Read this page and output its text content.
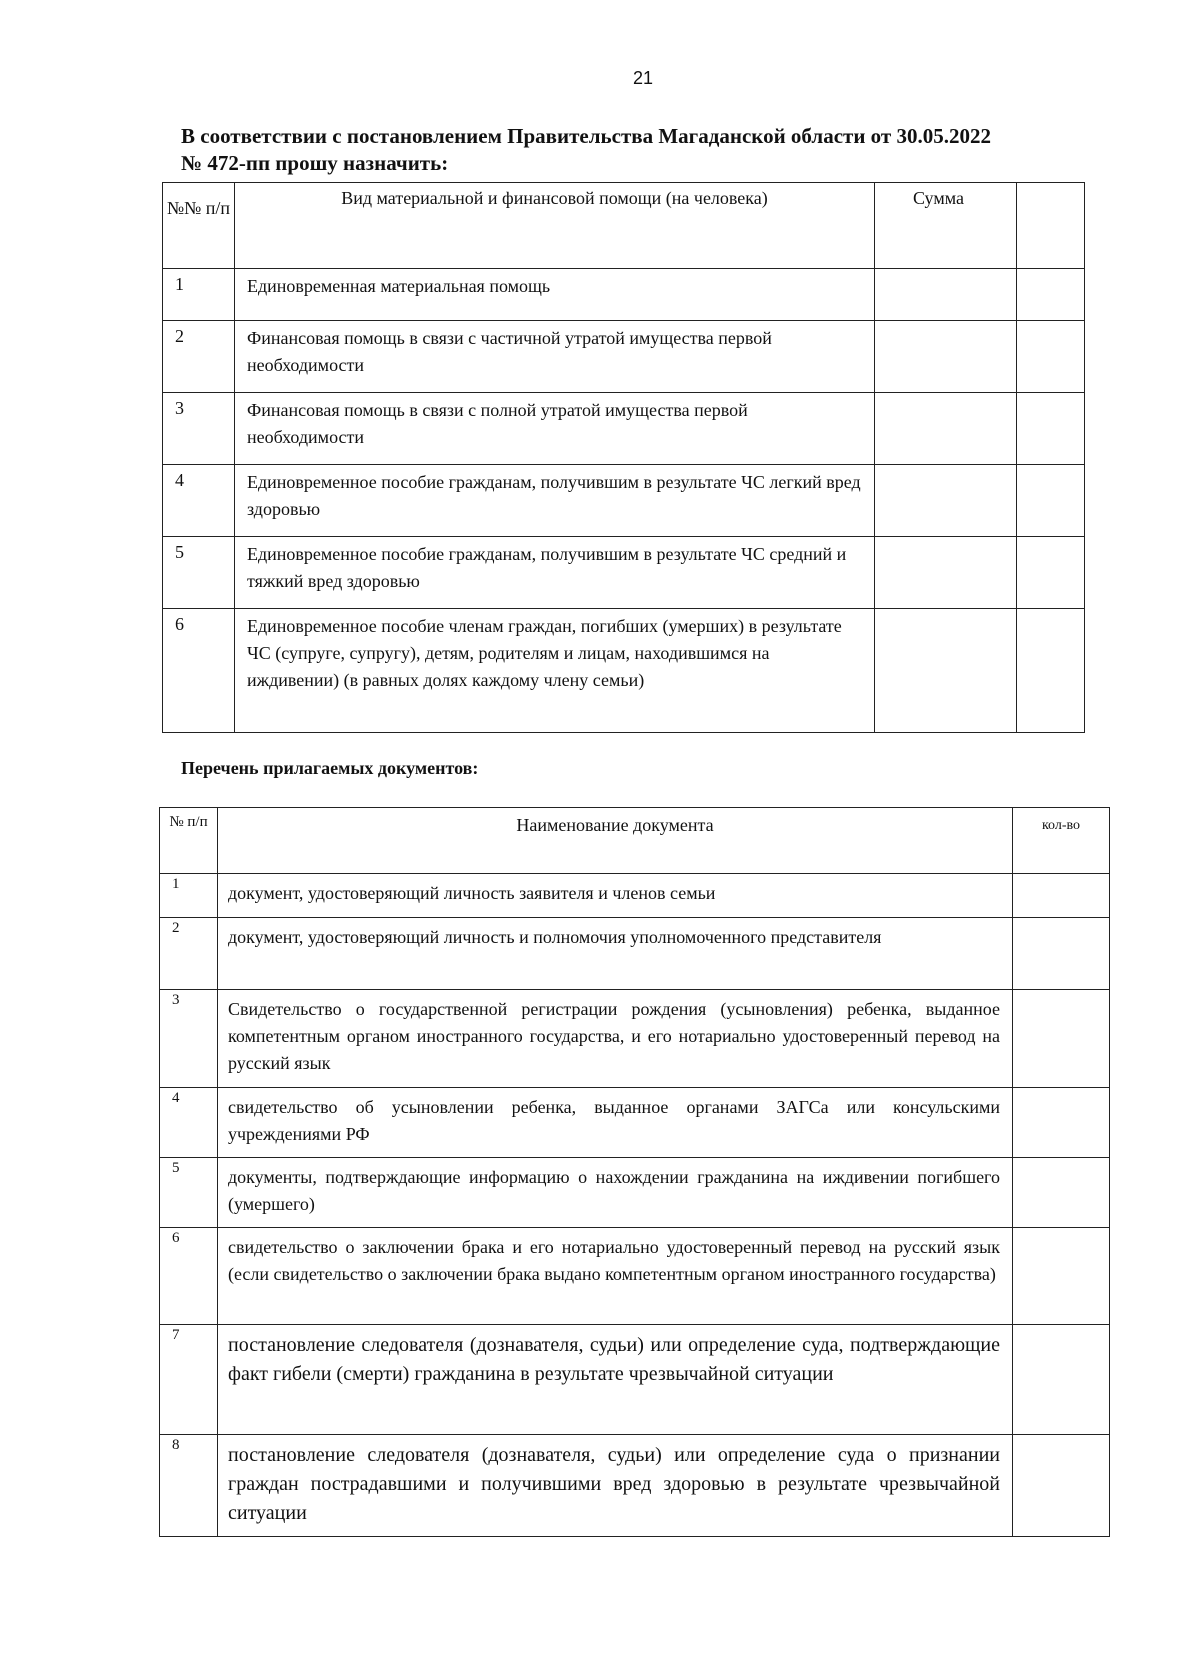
21
В соответствии с постановлением Правительства Магаданской области от 30.05.2022
№ 472-пп прошу назначить:
№№ п/п	Вид материальной и финансовой помощи (на человека)	Сумма	
1	Единовременная материальная помощь		
2	Финансовая помощь в связи с частичной утратой имущества первой необходимости		
3	Финансовая помощь в связи с полной утратой имущества первой необходимости		
4	Единовременное пособие гражданам, получившим в результате ЧС легкий вред здоровью		
5	Единовременное пособие гражданам, получившим в результате ЧС средний и тяжкий вред здоровью		
6	Единовременное пособие членам граждан, погибших (умерших) в результате ЧС (супруге, супругу), детям, родителям и лицам, находившимся на иждивении) (в равных долях каждому члену семьи)		
Перечень прилагаемых документов:
№ п/п	Наименование документа	кол-во
1	документ, удостоверяющий личность заявителя и членов семьи	
2	документ, удостоверяющий личность и полномочия уполномоченного представителя	
3	Свидетельство о государственной регистрации рождения (усыновления) ребенка, выданное компетентным органом иностранного государства, и его нотариально удостоверенный перевод на русский язык	
4	свидетельство об усыновлении ребенка, выданное органами ЗАГСа или консульскими учреждениями РФ	
5	документы, подтверждающие информацию о нахождении гражданина на иждивении погибшего (умершего)	
6	свидетельство о заключении брака и его нотариально удостоверенный перевод на русский язык (если свидетельство о заключении брака выдано компетентным органом иностранного государства)	
7	постановление следователя (дознавателя, судьи) или определение суда, подтверждающие факт гибели (смерти) гражданина в результате чрезвычайной ситуации	
8	постановление следователя (дознавателя, судьи) или определение суда о признании граждан пострадавшими и получившими вред здоровью в результате чрезвычайной ситуации	
